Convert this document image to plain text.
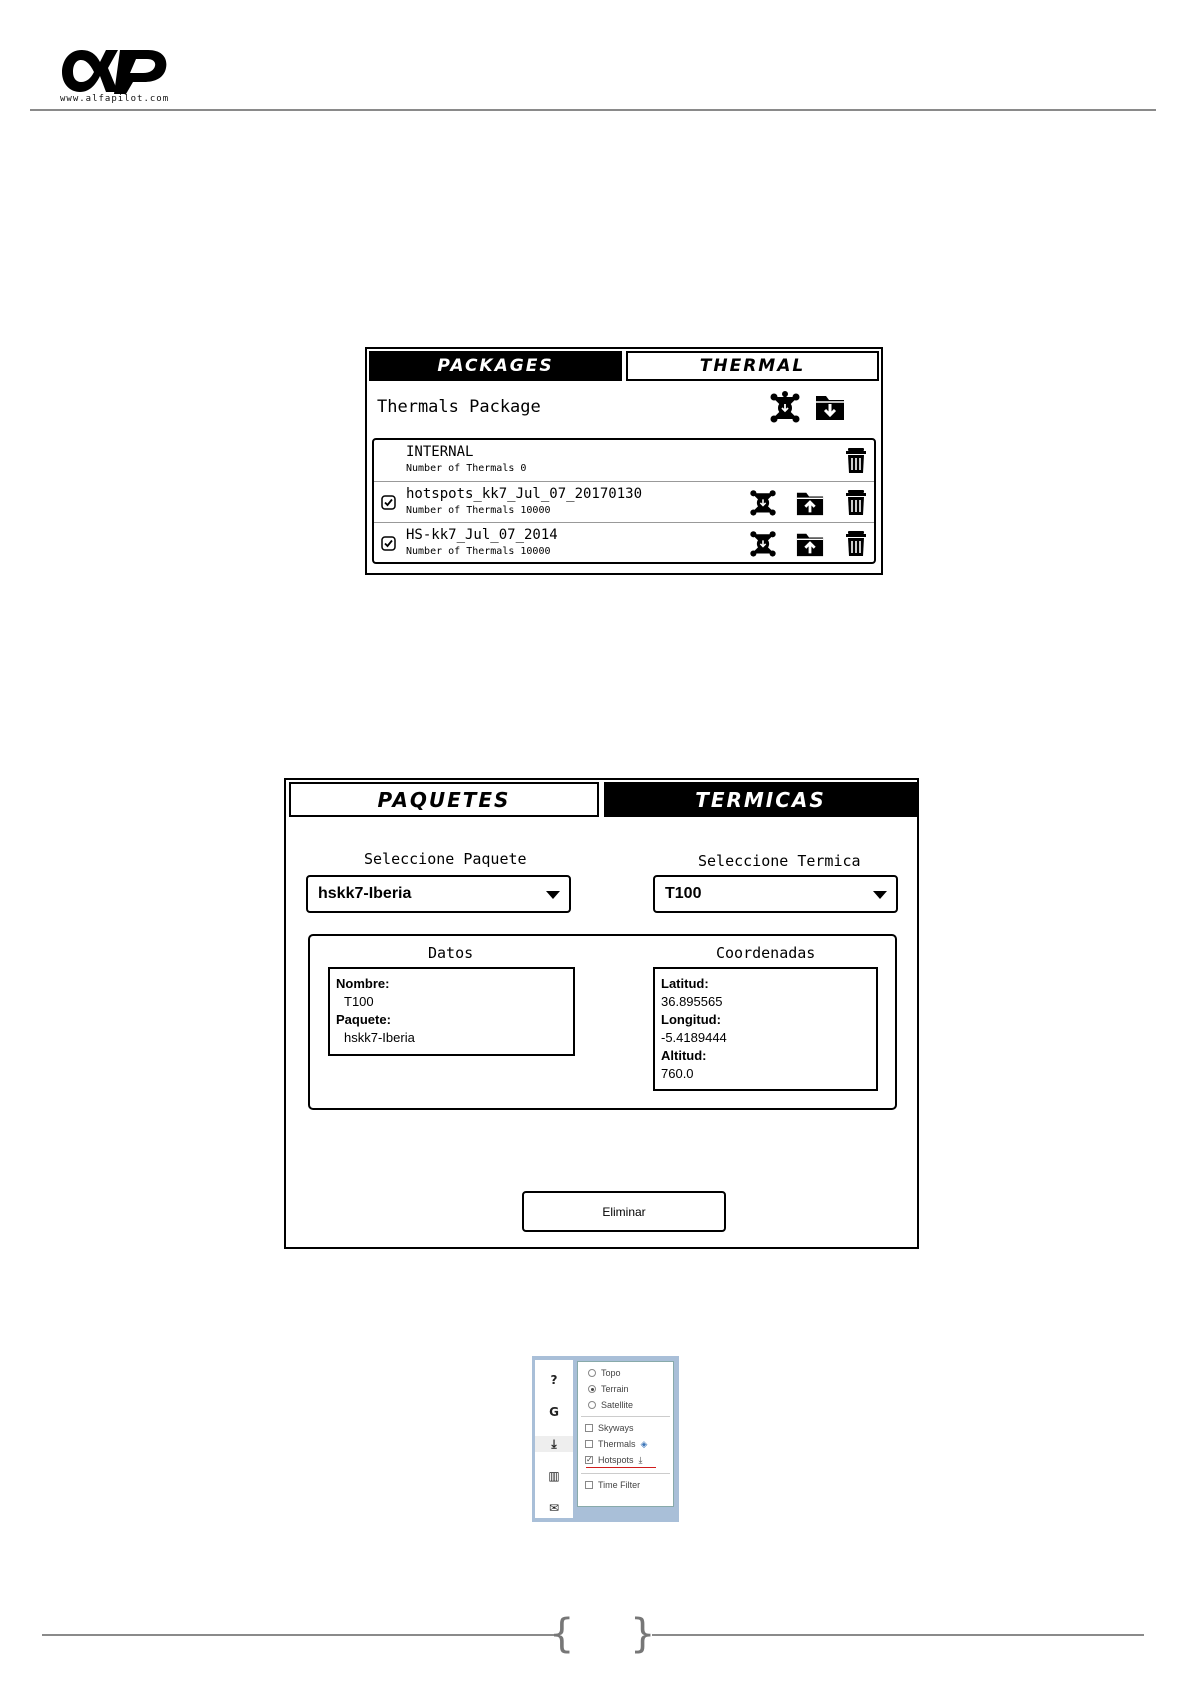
www.alfapilot.com
PACKAGES	THERMAL
Thermals Package
INTERNAL
Number of Thermals 0
hotspots_kk7_Jul_07_20170130
Number of Thermals 10000
HS-kk7_Jul_07_2014
Number of Thermals 10000
PAQUETES	TERMICAS
Seleccione Paquete
hskk7-Iberia
Seleccione Termica
T100
Datos	Coordenadas
Nombre:
T100
Paquete:
hskk7-Iberia
Latitud:
36.895565
Longitud:
-5.4189444
Altitud:
760.0
Eliminar
?
G
⤓
▥
✉
Topo
Terrain
Satellite
Skyways
Thermals ◈
✓ Hotspots ⤓
Time Filter
{ }
